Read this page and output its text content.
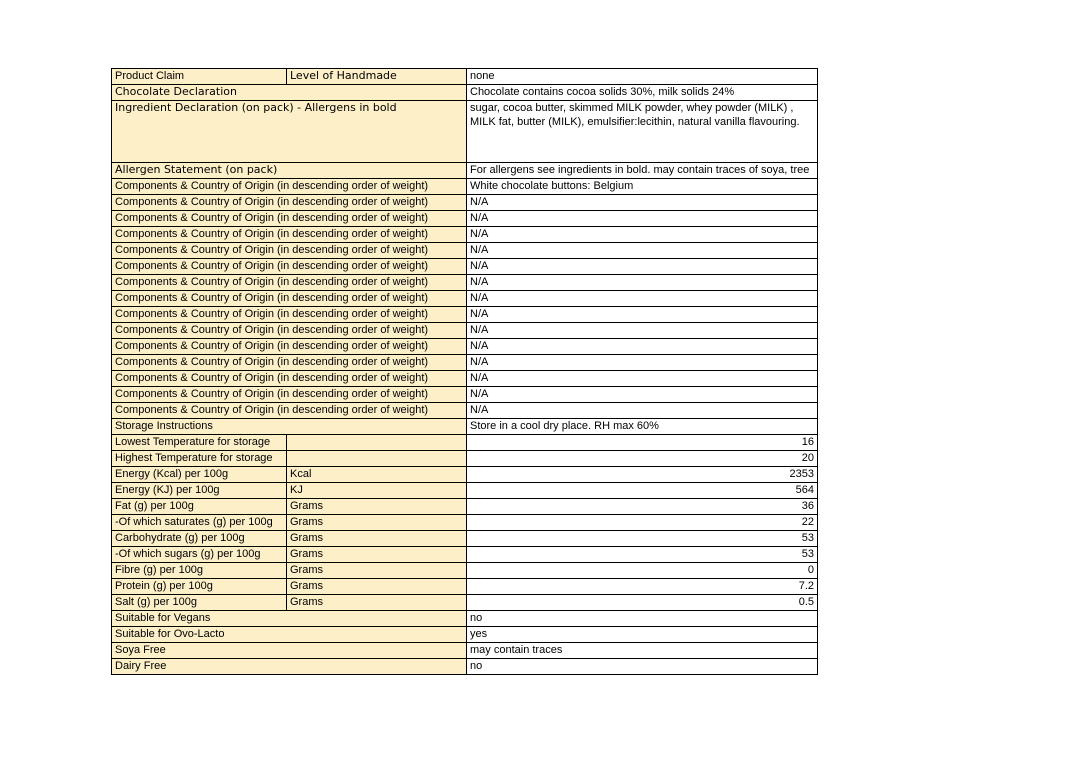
Product Claim	Level of Handmade	none
Chocolate Declaration		Chocolate contains cocoa solids 30%, milk solids 24%
Ingredient Declaration (on pack) - Allergens in bold		sugar, cocoa butter, skimmed MILK powder, whey powder (MILK) ,
MILK fat, butter (MILK), emulsifier:lecithin, natural vanilla flavouring.

Allergen Statement (on pack)		For allergens see ingredients in bold. may contain traces of soya, tree
Components & Country of Origin (in descending order of weight)		White chocolate buttons: Belgium
Components & Country of Origin (in descending order of weight)		N/A
Components & Country of Origin (in descending order of weight)		N/A
Components & Country of Origin (in descending order of weight)		N/A
Components & Country of Origin (in descending order of weight)		N/A
Components & Country of Origin (in descending order of weight)		N/A
Components & Country of Origin (in descending order of weight)		N/A
Components & Country of Origin (in descending order of weight)		N/A
Components & Country of Origin (in descending order of weight)		N/A
Components & Country of Origin (in descending order of weight)		N/A
Components & Country of Origin (in descending order of weight)		N/A
Components & Country of Origin (in descending order of weight)		N/A
Components & Country of Origin (in descending order of weight)		N/A
Components & Country of Origin (in descending order of weight)		N/A
Components & Country of Origin (in descending order of weight)		N/A
Storage Instructions		Store in a cool dry place. RH max 60%
Lowest Temperature for storage		16
Highest Temperature for storage		20
Energy (Kcal) per 100g	Kcal	2353
Energy (KJ) per 100g	KJ	564
Fat (g) per 100g	Grams	36
-Of which saturates (g) per 100g	Grams	22
Carbohydrate (g) per 100g	Grams	53
-Of which sugars (g) per 100g	Grams	53
Fibre (g) per 100g	Grams	0
Protein (g) per 100g	Grams	7.2
Salt (g) per 100g	Grams	0.5
Suitable for Vegans		no
Suitable for Ovo-Lacto		yes
Soya Free		may contain traces
Dairy Free		no
